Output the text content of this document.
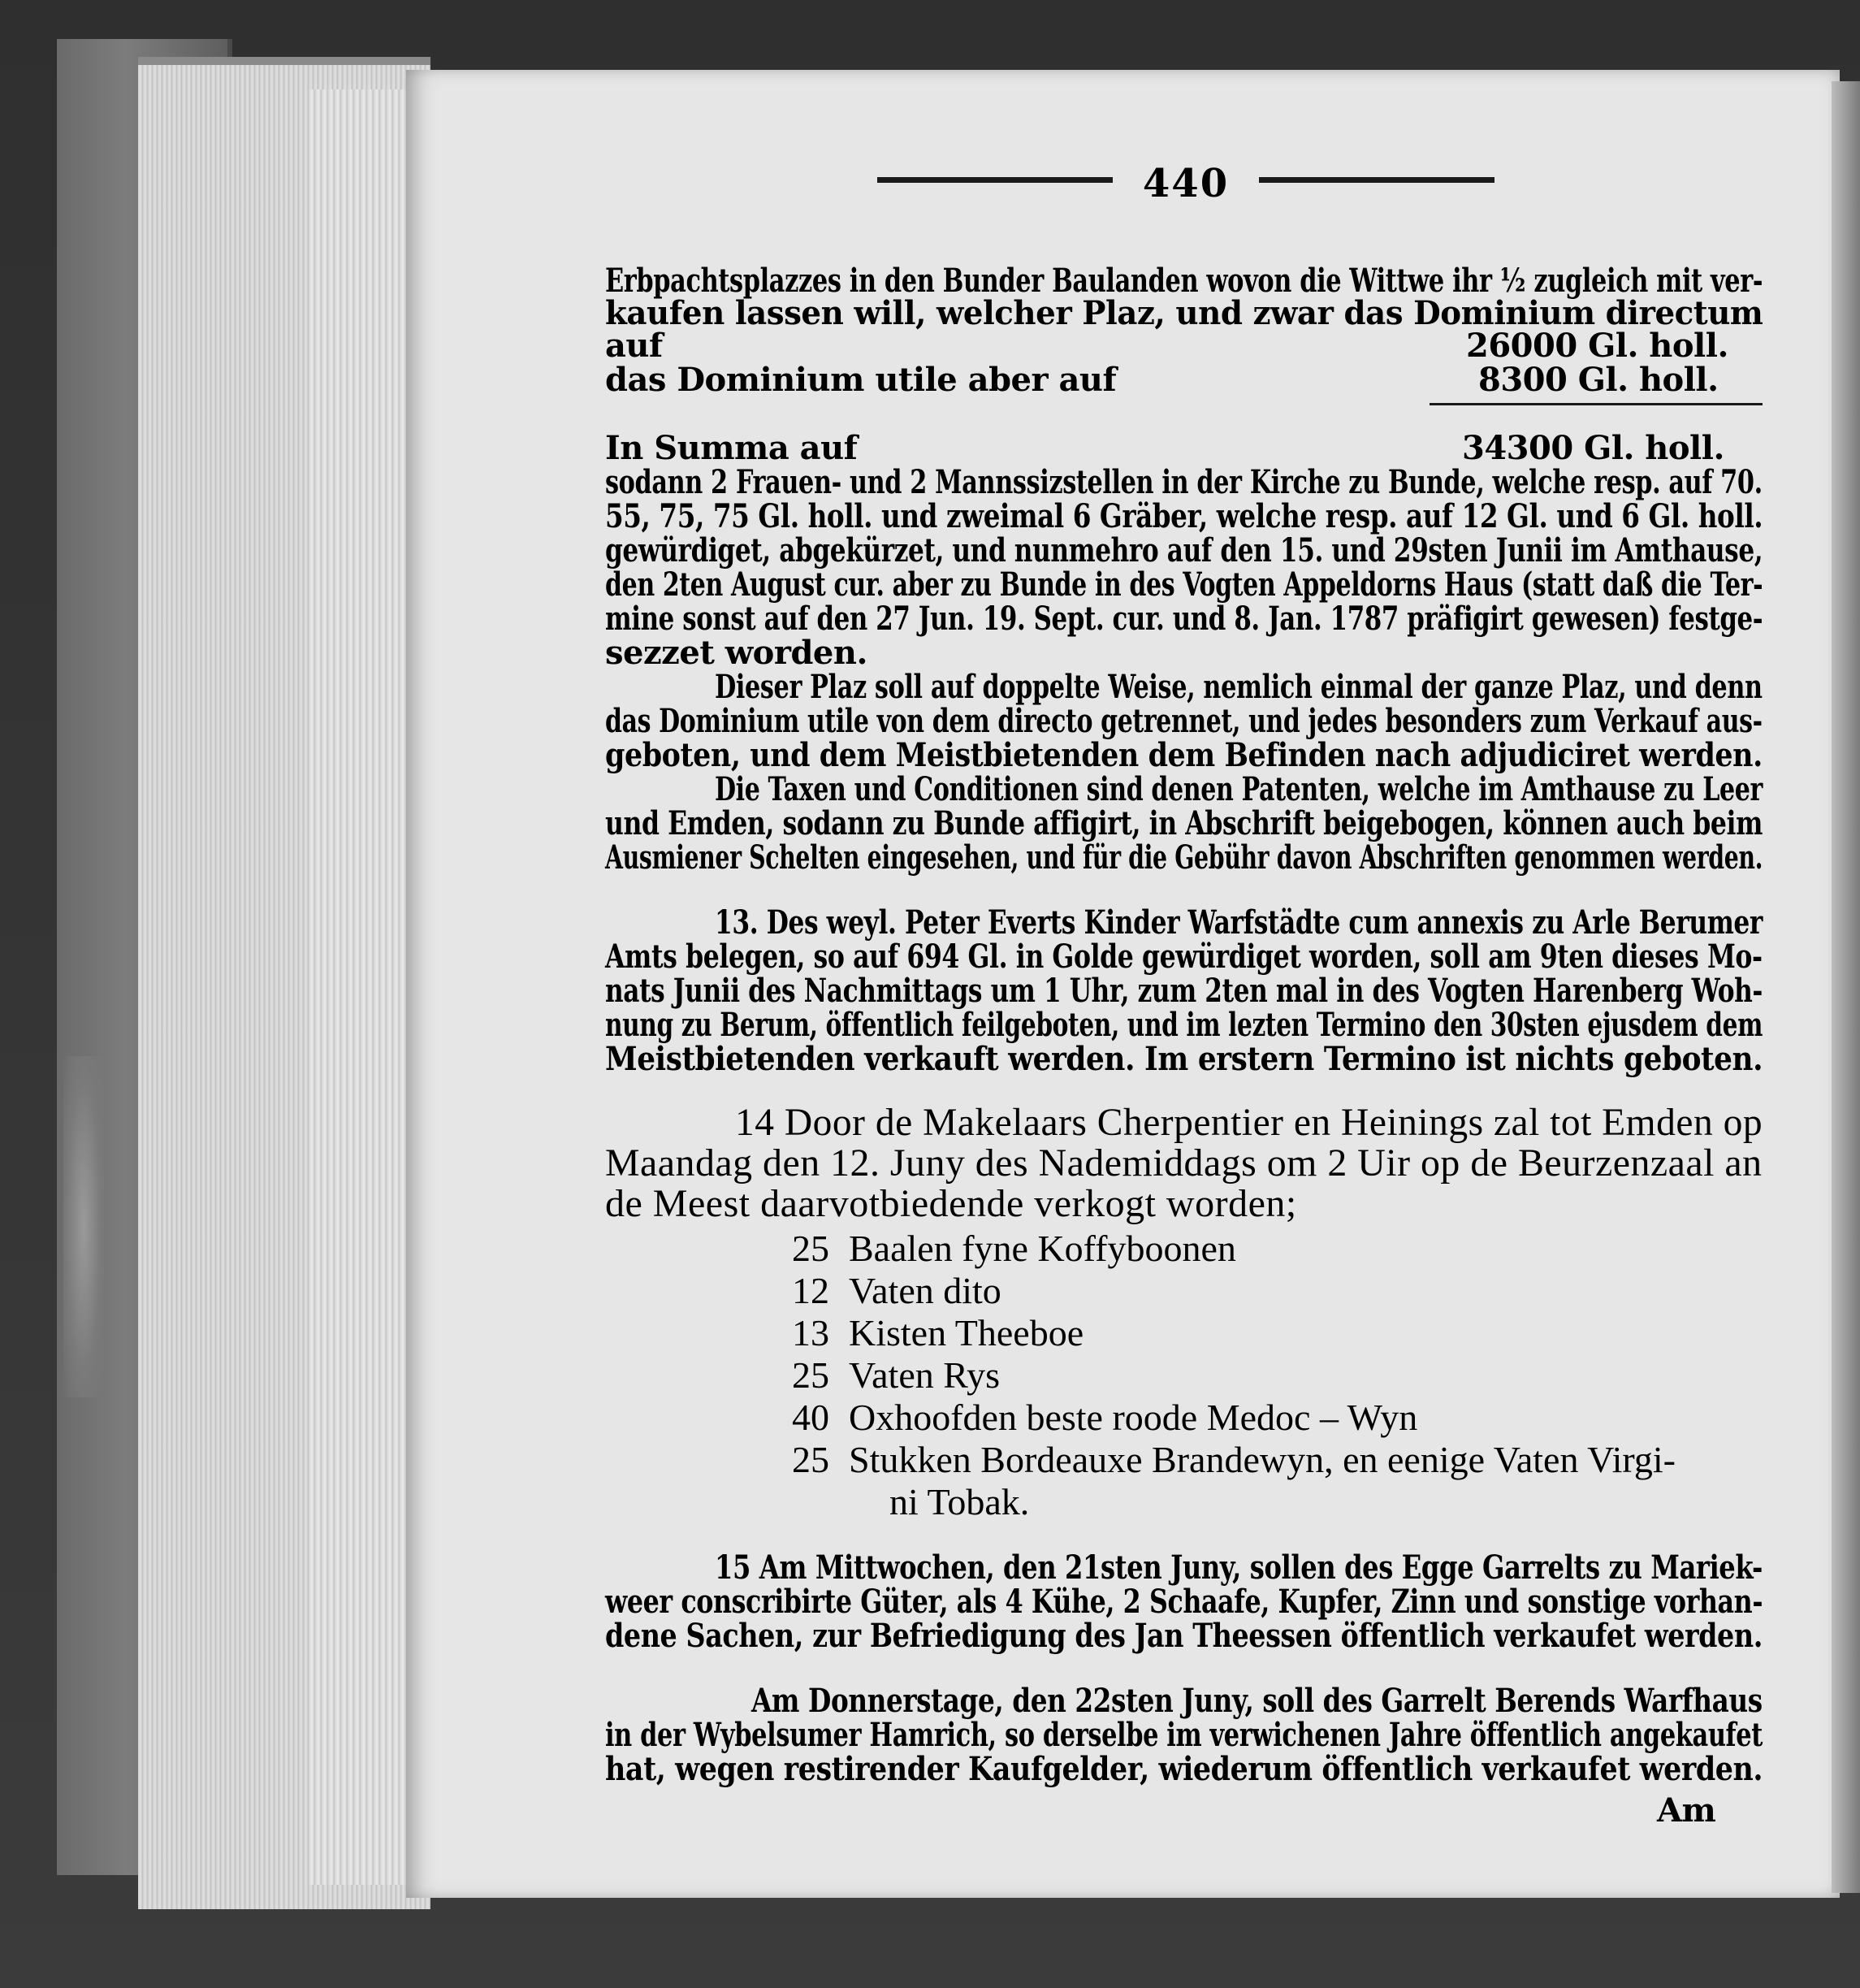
440
Erbpachtsplazzes in den Bunder Baulanden wovon die Wittwe ihr ½ zugleich mit ver-
kaufen lassen will, welcher Plaz, und zwar das Dominium directum
auf	26000 Gl. holl.
das Dominium utile aber auf	8300 Gl. holl.
In Summa auf	34300 Gl. holl.
sodann 2 Frauen- und 2 Mannssizstellen in der Kirche zu Bunde, welche resp. auf 70.
55, 75, 75 Gl. holl. und zweimal 6 Gräber, welche resp. auf 12 Gl. und 6 Gl. holl.
gewürdiget, abgekürzet, und nunmehro auf den 15. und 29sten Junii im Amthause,
den 2ten August cur. aber zu Bunde in des Vogten Appeldorns Haus (statt daß die Ter-
mine sonst auf den 27 Jun. 19. Sept. cur. und 8. Jan. 1787 präfigirt gewesen) festge-
sezzet worden.
Dieser Plaz soll auf doppelte Weise, nemlich einmal der ganze Plaz, und denn
das Dominium utile von dem directo getrennet, und jedes besonders zum Verkauf aus-
geboten, und dem Meistbietenden dem Befinden nach adjudiciret werden.
Die Taxen und Conditionen sind denen Patenten, welche im Amthause zu Leer
und Emden, sodann zu Bunde affigirt, in Abschrift beigebogen, können auch beim
Ausmiener Schelten eingesehen, und für die Gebühr davon Abschriften genommen werden.
13. Des weyl. Peter Everts Kinder Warfstädte cum annexis zu Arle Berumer
Amts belegen, so auf 694 Gl. in Golde gewürdiget worden, soll am 9ten dieses Mo-
nats Junii des Nachmittags um 1 Uhr, zum 2ten mal in des Vogten Harenberg Woh-
nung zu Berum, öffentlich feilgeboten, und im lezten Termino den 30sten ejusdem dem
Meistbietenden verkauft werden. Im erstern Termino ist nichts geboten.
14 Door de Makelaars Cherpentier en Heinings zal tot Emden op
Maandag den 12. Juny des Nademiddags om 2 Uir op de Beurzenzaal an
de Meest daarvotbiedende verkogt worden;
25 Baalen fyne Koffyboonen
12 Vaten dito
13 Kisten Theeboe
25 Vaten Rys
40 Oxhoofden beste roode Medoc – Wyn
25 Stukken Bordeauxe Brandewyn, en eenige Vaten Virgi-
ni Tobak.
15 Am Mittwochen, den 21sten Juny, sollen des Egge Garrelts zu Mariek-
weer conscribirte Güter, als 4 Kühe, 2 Schaafe, Kupfer, Zinn und sonstige vorhan-
dene Sachen, zur Befriedigung des Jan Theessen öffentlich verkaufet werden.
Am Donnerstage, den 22sten Juny, soll des Garrelt Berends Warfhaus
in der Wybelsumer Hamrich, so derselbe im verwichenen Jahre öffentlich angekaufet
hat, wegen restirender Kaufgelder, wiederum öffentlich verkaufet werden.
Am
